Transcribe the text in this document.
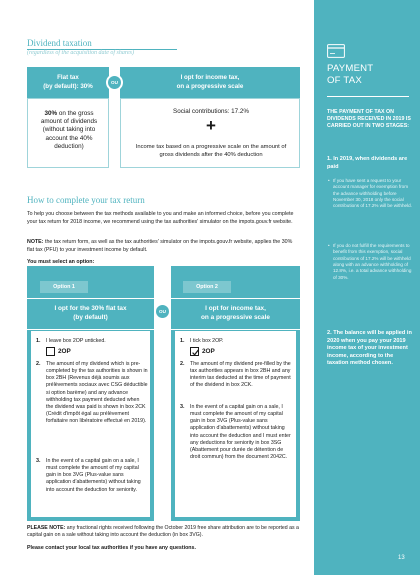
Dividend taxation
(regardless of the acquisition date of shares)
Flat tax
(by default): 30%	OU
I opt for income tax,
on a progressive scale
30% on the gross amount of dividends (without taking into account the 40% deduction)
Social contributions: 17.2%
+
Income tax based on a progressive scale on the amount of gross dividends after the 40% deduction
How to complete your tax return
To help you choose between the tax methods available to you and make an informed choice, before you complete your tax return for 2018 income, we recommend using the tax authorities' simulator on the impots.gouv.fr website.
NOTE: the tax return form, as well as the tax authorities' simulator on the impots.gouv.fr website, applies the 30% flat tax (PFU) to your investment income by default.
You must select an option:
Option 1	Option 2
I opt for the 30% flat tax
(by default)
OU	I opt for income tax,
on a progressive scale
1. I leave box 2OP unticked.
2OP
2. The amount of my dividend which is pre-completed by the tax authorities is shown in box 2BH (Revenus déjà soumis aux prélèvements sociaux avec CSG déductible si option barème) and any advance withholding tax payment deducted when the dividend was paid is shown in box 2CK (Crédit d'impôt égal au prélèvement forfaitaire non libératoire effectué en 2019).
3. In the event of a capital gain on a sale, I must complete the amount of my capital gain in box 3VG (Plus-value sans application d'abattements) without taking into account the deduction for seniority.
1. I tick box 2OP.
2OP
2. The amount of my dividend pre-filled by the tax authorities appears in box 2BH and any interim tax deducted at the time of payment of the dividend in box 2CK.
3. In the event of a capital gain on a sale, I must complete the amount of my capital gain in box 3VG (Plus-value sans application d'abattements) without taking into account the deduction and I must enter any deductions for seniority in box 3SG (Abattement pour durée de détention de droit commun) from the document 2042C.
PLEASE NOTE: any fractional rights received following the October 2019 free share attribution are to be reported as a capital gain on a sale without taking into account the deduction (in box 3VG).
Please contact your local tax authorities if you have any questions.
PAYMENT
OF TAX
THE PAYMENT OF TAX ON DIVIDENDS RECEIVED IN 2019 IS CARRIED OUT IN TWO STAGES:
1. In 2019, when dividends are paid
• If you have sent a request to your account manager for exemption from the advance withholding before November 30, 2018 only the social contributions of 17.2% will be withheld.
• If you do not fulfill the requirements to benefit from this exemption, social contributions of 17.2% will be withheld along with an advance withholding of 12.8%, i.e. a total advance withholding of 30%.
2. The balance will be applied in 2020 when you pay your 2019 income tax of your investment income, according to the taxation method chosen.
13
